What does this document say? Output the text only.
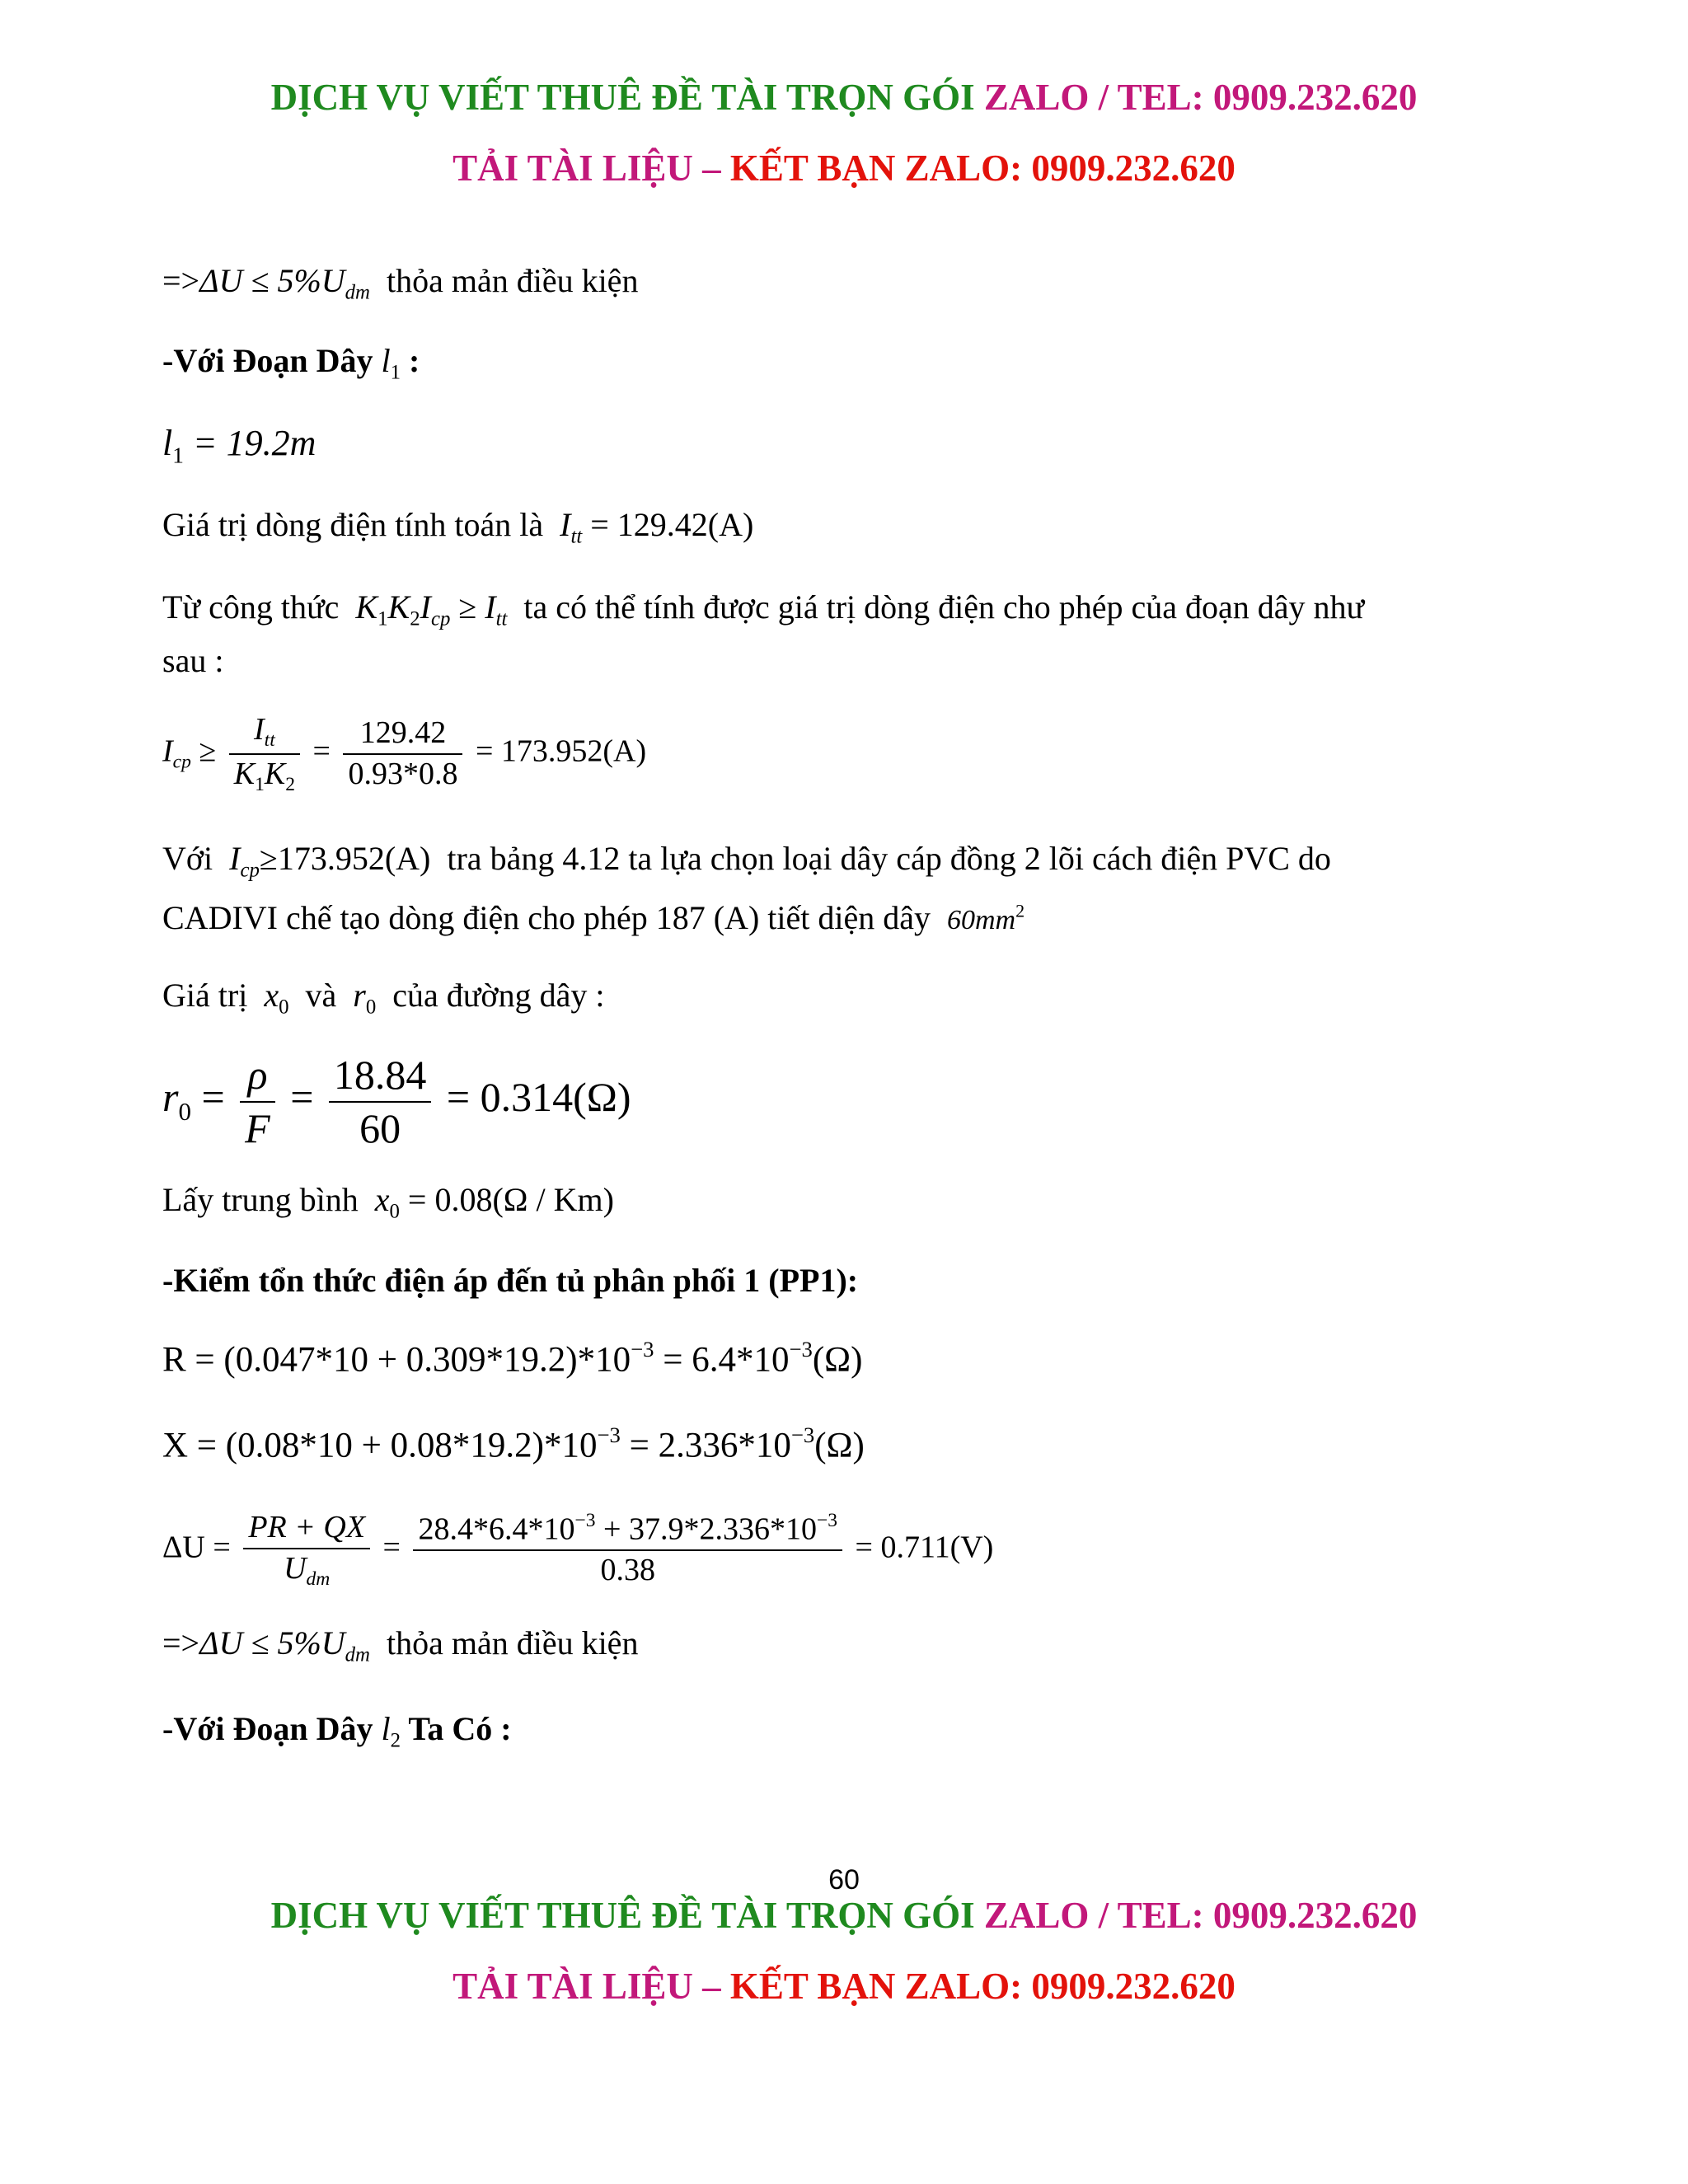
DỊCH VỤ VIẾT THUÊ ĐỀ TÀI TRỌN GÓI ZALO / TEL: 0909.232.620
TẢI TÀI LIỆU – KẾT BẠN ZALO: 0909.232.620
$=>\Delta U \le 5\%U_{dm}$ thỏa mản điều kiện
-Với Đoạn Dây $l_1$ :
$l_1 = 19.2m$
Giá trị dòng điện tính toán là $I_{tt} = 129.42(A)$
Từ công thức $K_1K_2I_{cp} \ge I_{tt}$ ta có thể tính được giá trị dòng điện cho phép của đoạn dây như
sau :
$I_{cp} \ge \frac{I_{tt}}{K_1K_2} = \frac{129.42}{0.93*0.8} = 173.952(A)$
Với $I_{cp}\ge 173.952(A)$ tra bảng 4.12 ta lựa chọn loại dây cáp đồng 2 lõi cách điện PVC do
CADIVI chế tạo dòng điện cho phép 187 (A) tiết diện dây $60mm^2$
Giá trị $x_0$ và $r_0$ của đường dây :
$r_0 = \frac{\rho}{F} = \frac{18.84}{60} = 0.314(\Omega)$
Lấy trung bình $x_0 = 0.08(\Omega / Km)$
-Kiểm tổn thức điện áp đến tủ phân phối 1 (PP1):
$R = (0.047*10 + 0.309*19.2)*10^{-3} = 6.4*10^{-3}(\Omega)$
$X = (0.08*10 + 0.08*19.2)*10^{-3} = 2.336*10^{-3}(\Omega)$
$\Delta U = \frac{PR + QX}{U_{dm}} = \frac{28.4*6.4*10^{-3} + 37.9*2.336*10^{-3}}{0.38} = 0.711(V)$
$=>\Delta U \le 5\%U_{dm}$ thỏa mản điều kiện
-Với Đoạn Dây $l_2$ Ta Có :
60
DỊCH VỤ VIẾT THUÊ ĐỀ TÀI TRỌN GÓI ZALO / TEL: 0909.232.620
TẢI TÀI LIỆU – KẾT BẠN ZALO: 0909.232.620
